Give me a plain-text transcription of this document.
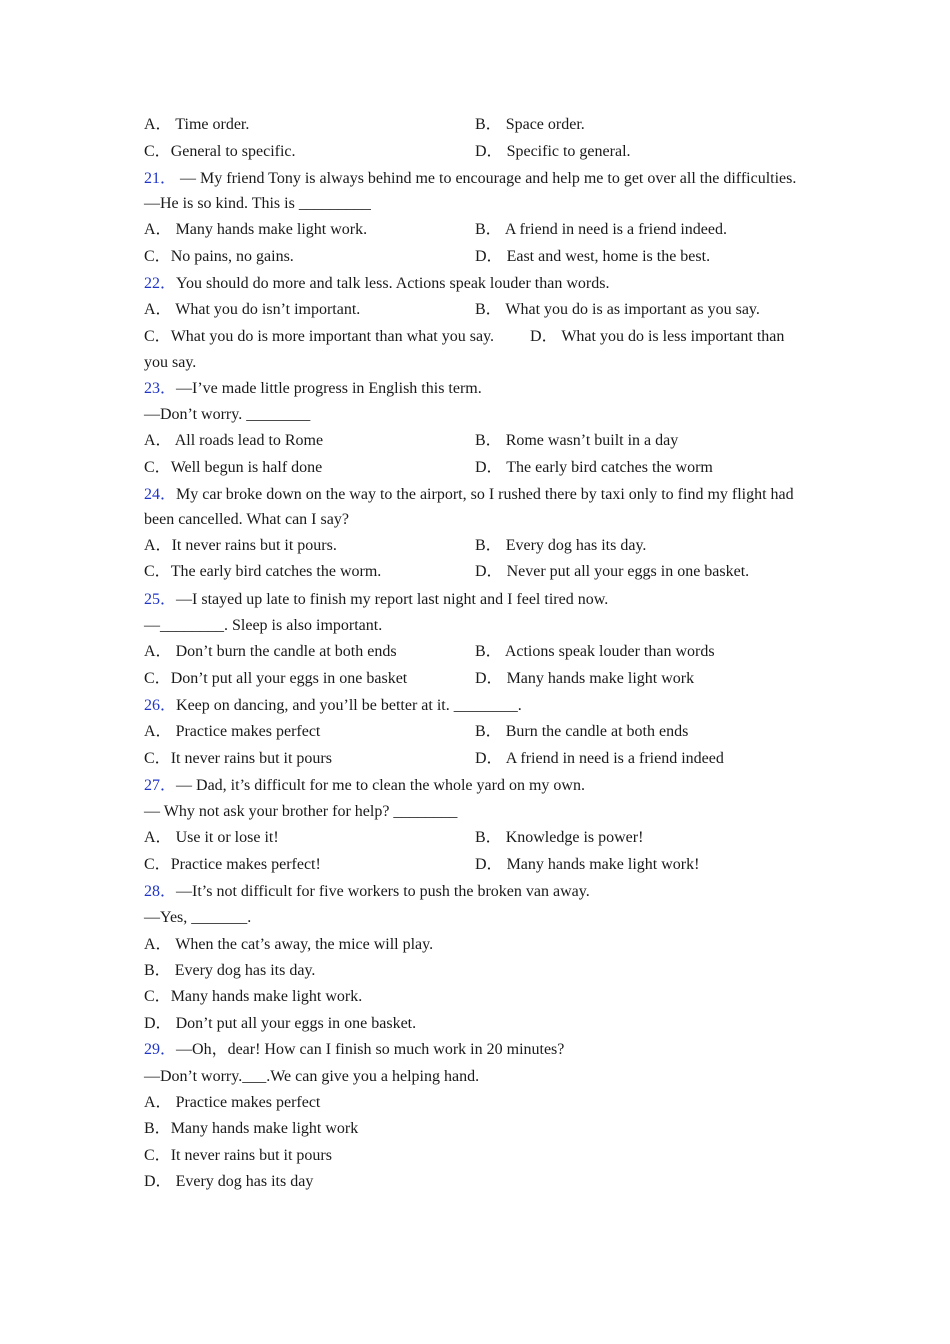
A． Time order.	B． Space order.
C．General to specific.	D． Specific to general.
21． — My friend Tony is always behind me to encourage and help me to get over all the difficulties.
—He is so kind. This is _________
A． Many hands make light work.	B． A friend in need is a friend indeed.
C．No pains, no gains.	D． East and west, home is the best.
22．You should do more and talk less. Actions speak louder than words.
A． What you do isn’t important.	B． What you do is as important as you say.
C．What you do is more important than what you say. D． What you do is less important than you say.
23．—I’ve made little progress in English this term.
—Don’t worry. ________
A． All roads lead to Rome	B． Rome wasn’t built in a day
C．Well begun is half done	D． The early bird catches the worm
24．My car broke down on the way to the airport, so I rushed there by taxi only to find my flight had been cancelled. What can I say?
A．It never rains but it pours.	B． Every dog has its day.
C．The early bird catches the worm.	D． Never put all your eggs in one basket.
25．—I stayed up late to finish my report last night and I feel tired now.
—________. Sleep is also important.
A． Don’t burn the candle at both ends	B． Actions speak louder than words
C．Don’t put all your eggs in one basket	D． Many hands make light work
26．Keep on dancing, and you’ll be better at it. ________.
A． Practice makes perfect	B． Burn the candle at both ends
C．It never rains but it pours	D． A friend in need is a friend indeed
27．— Dad, it’s difficult for me to clean the whole yard on my own.
— Why not ask your brother for help? ________
A． Use it or lose it!	B． Knowledge is power!
C．Practice makes perfect!	D． Many hands make light work!
28．—It’s not difficult for five workers to push the broken van away.
—Yes, _______.
A． When the cat’s away, the mice will play.
B． Every dog has its day.
C．Many hands make light work.
D． Don’t put all your eggs in one basket.
29．—Oh，dear! How can I finish so much work in 20 minutes?
—Don’t worry.___.We can give you a helping hand.
A． Practice makes perfect
B．Many hands make light work
C．It never rains but it pours
D． Every dog has its day
